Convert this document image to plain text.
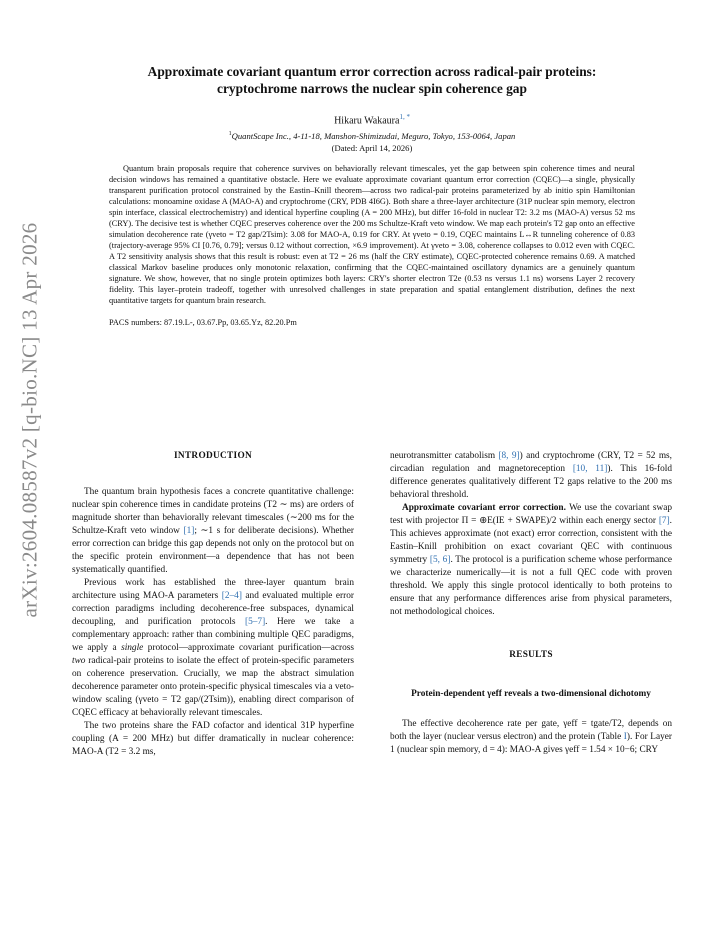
arXiv:2604.08587v2 [q-bio.NC] 13 Apr 2026
Approximate covariant quantum error correction across radical-pair proteins:
cryptochrome narrows the nuclear spin coherence gap
Hikaru Wakaura$^{1, *}$
$^1$QuantScape Inc., 4-11-18, Manshon-Shimizudai, Meguro, Tokyo, 153-0064, Japan
(Dated: April 14, 2026)

Quantum brain proposals require that coherence survives on behaviorally relevant timescales, yet the gap between spin coherence times and neural decision windows has remained a quantitative obstacle. Here we evaluate approximate covariant quantum error correction (CQEC)—a single, physically transparent purification protocol constrained by the Eastin–Knill theorem—across two radical-pair proteins parameterized by ab initio spin Hamiltonian calculations: monoamine oxidase A (MAO-A) and cryptochrome (CRY, PDB 4I6G). Both share a three-layer architecture (31P nuclear spin memory, electron spin interface, classical electrochemistry) and identical hyperfine coupling (A = 200 MHz), but differ 16-fold in nuclear T2: 3.2 ms (MAO-A) versus 52 ms (CRY). The decisive test is whether CQEC preserves coherence over the 200 ms Schultze-Kraft veto window. We map each protein's T2 gap onto an effective simulation decoherence rate (γveto = T2 gap/2Tsim): 3.08 for MAO-A, 0.19 for CRY. At γveto = 0.19, CQEC maintains L↔R tunneling coherence of 0.83 (trajectory-average 95% CI [0.76, 0.79]; versus 0.12 without correction, ×6.9 improvement). At γveto = 3.08, coherence collapses to 0.012 even with CQEC. A T2 sensitivity analysis shows that this result is robust: even at T2 = 26 ms (half the CRY estimate), CQEC-protected coherence remains 0.69. A matched classical Markov baseline produces only monotonic relaxation, confirming that the CQEC-maintained oscillatory dynamics are a genuinely quantum signature. We show, however, that no single protein optimizes both layers: CRY's shorter electron T2e (0.53 ns versus 1.1 ns) worsens Layer 2 recovery fidelity. This layer–protein tradeoff, together with unresolved challenges in state preparation and spatial entanglement distribution, defines the next quantitative targets for quantum brain research.

PACS numbers: 87.19.L-, 03.67.Pp, 03.65.Yz, 82.20.Pm
INTRODUCTION

The quantum brain hypothesis faces a concrete quantitative challenge: nuclear spin coherence times in candidate proteins (T2 ∼ ms) are orders of magnitude shorter than behaviorally relevant timescales (∼200 ms for the Schultze-Kraft veto window [1]; ∼1 s for deliberate decisions). Whether error correction can bridge this gap depends not only on the protocol but on the specific protein environment—a dependence that has not been systematically quantified.

Previous work has established the three-layer quantum brain architecture using MAO-A parameters [2–4] and evaluated multiple error correction paradigms including decoherence-free subspaces, dynamical decoupling, and purification protocols [5–7]. Here we take a complementary approach: rather than combining multiple QEC paradigms, we apply a single protocol—approximate covariant purification—across two radical-pair proteins to isolate the effect of protein-specific parameters on coherence preservation. Crucially, we map the abstract simulation decoherence parameter onto protein-specific physical timescales via a veto-window scaling (γveto = T2 gap/(2Tsim)), enabling direct comparison of CQEC efficacy at behaviorally relevant timescales.

The two proteins share the FAD cofactor and identical 31P hyperfine coupling (A = 200 MHz) but differ dramatically in nuclear coherence: MAO-A (T2 = 3.2 ms,

neurotransmitter catabolism [8, 9]) and cryptochrome (CRY, T2 = 52 ms, circadian regulation and magnetoreception [10, 11]). This 16-fold difference generates qualitatively different T2 gaps relative to the 200 ms behavioral threshold.

Approximate covariant error correction. We use the covariant swap test with projector Π = ⊕E(IE + SWAPE)/2 within each energy sector [7]. This achieves approximate (not exact) error correction, consistent with the Eastin–Knill prohibition on exact covariant QEC with continuous symmetry [5, 6]. The protocol is a purification scheme whose performance we characterize numerically—it is not a full QEC code with proven threshold. We apply this single protocol identically to both proteins to ensure that any performance differences arise from physical parameters, not methodological choices.

RESULTS
Protein-dependent γeff reveals a two-dimensional dichotomy

The effective decoherence rate per gate, γeff = tgate/T2, depends on both the layer (nuclear versus electron) and the protein (Table I). For Layer 1 (nuclear spin memory, d = 4): MAO-A gives γeff = 1.54 × 10−6; CRY
